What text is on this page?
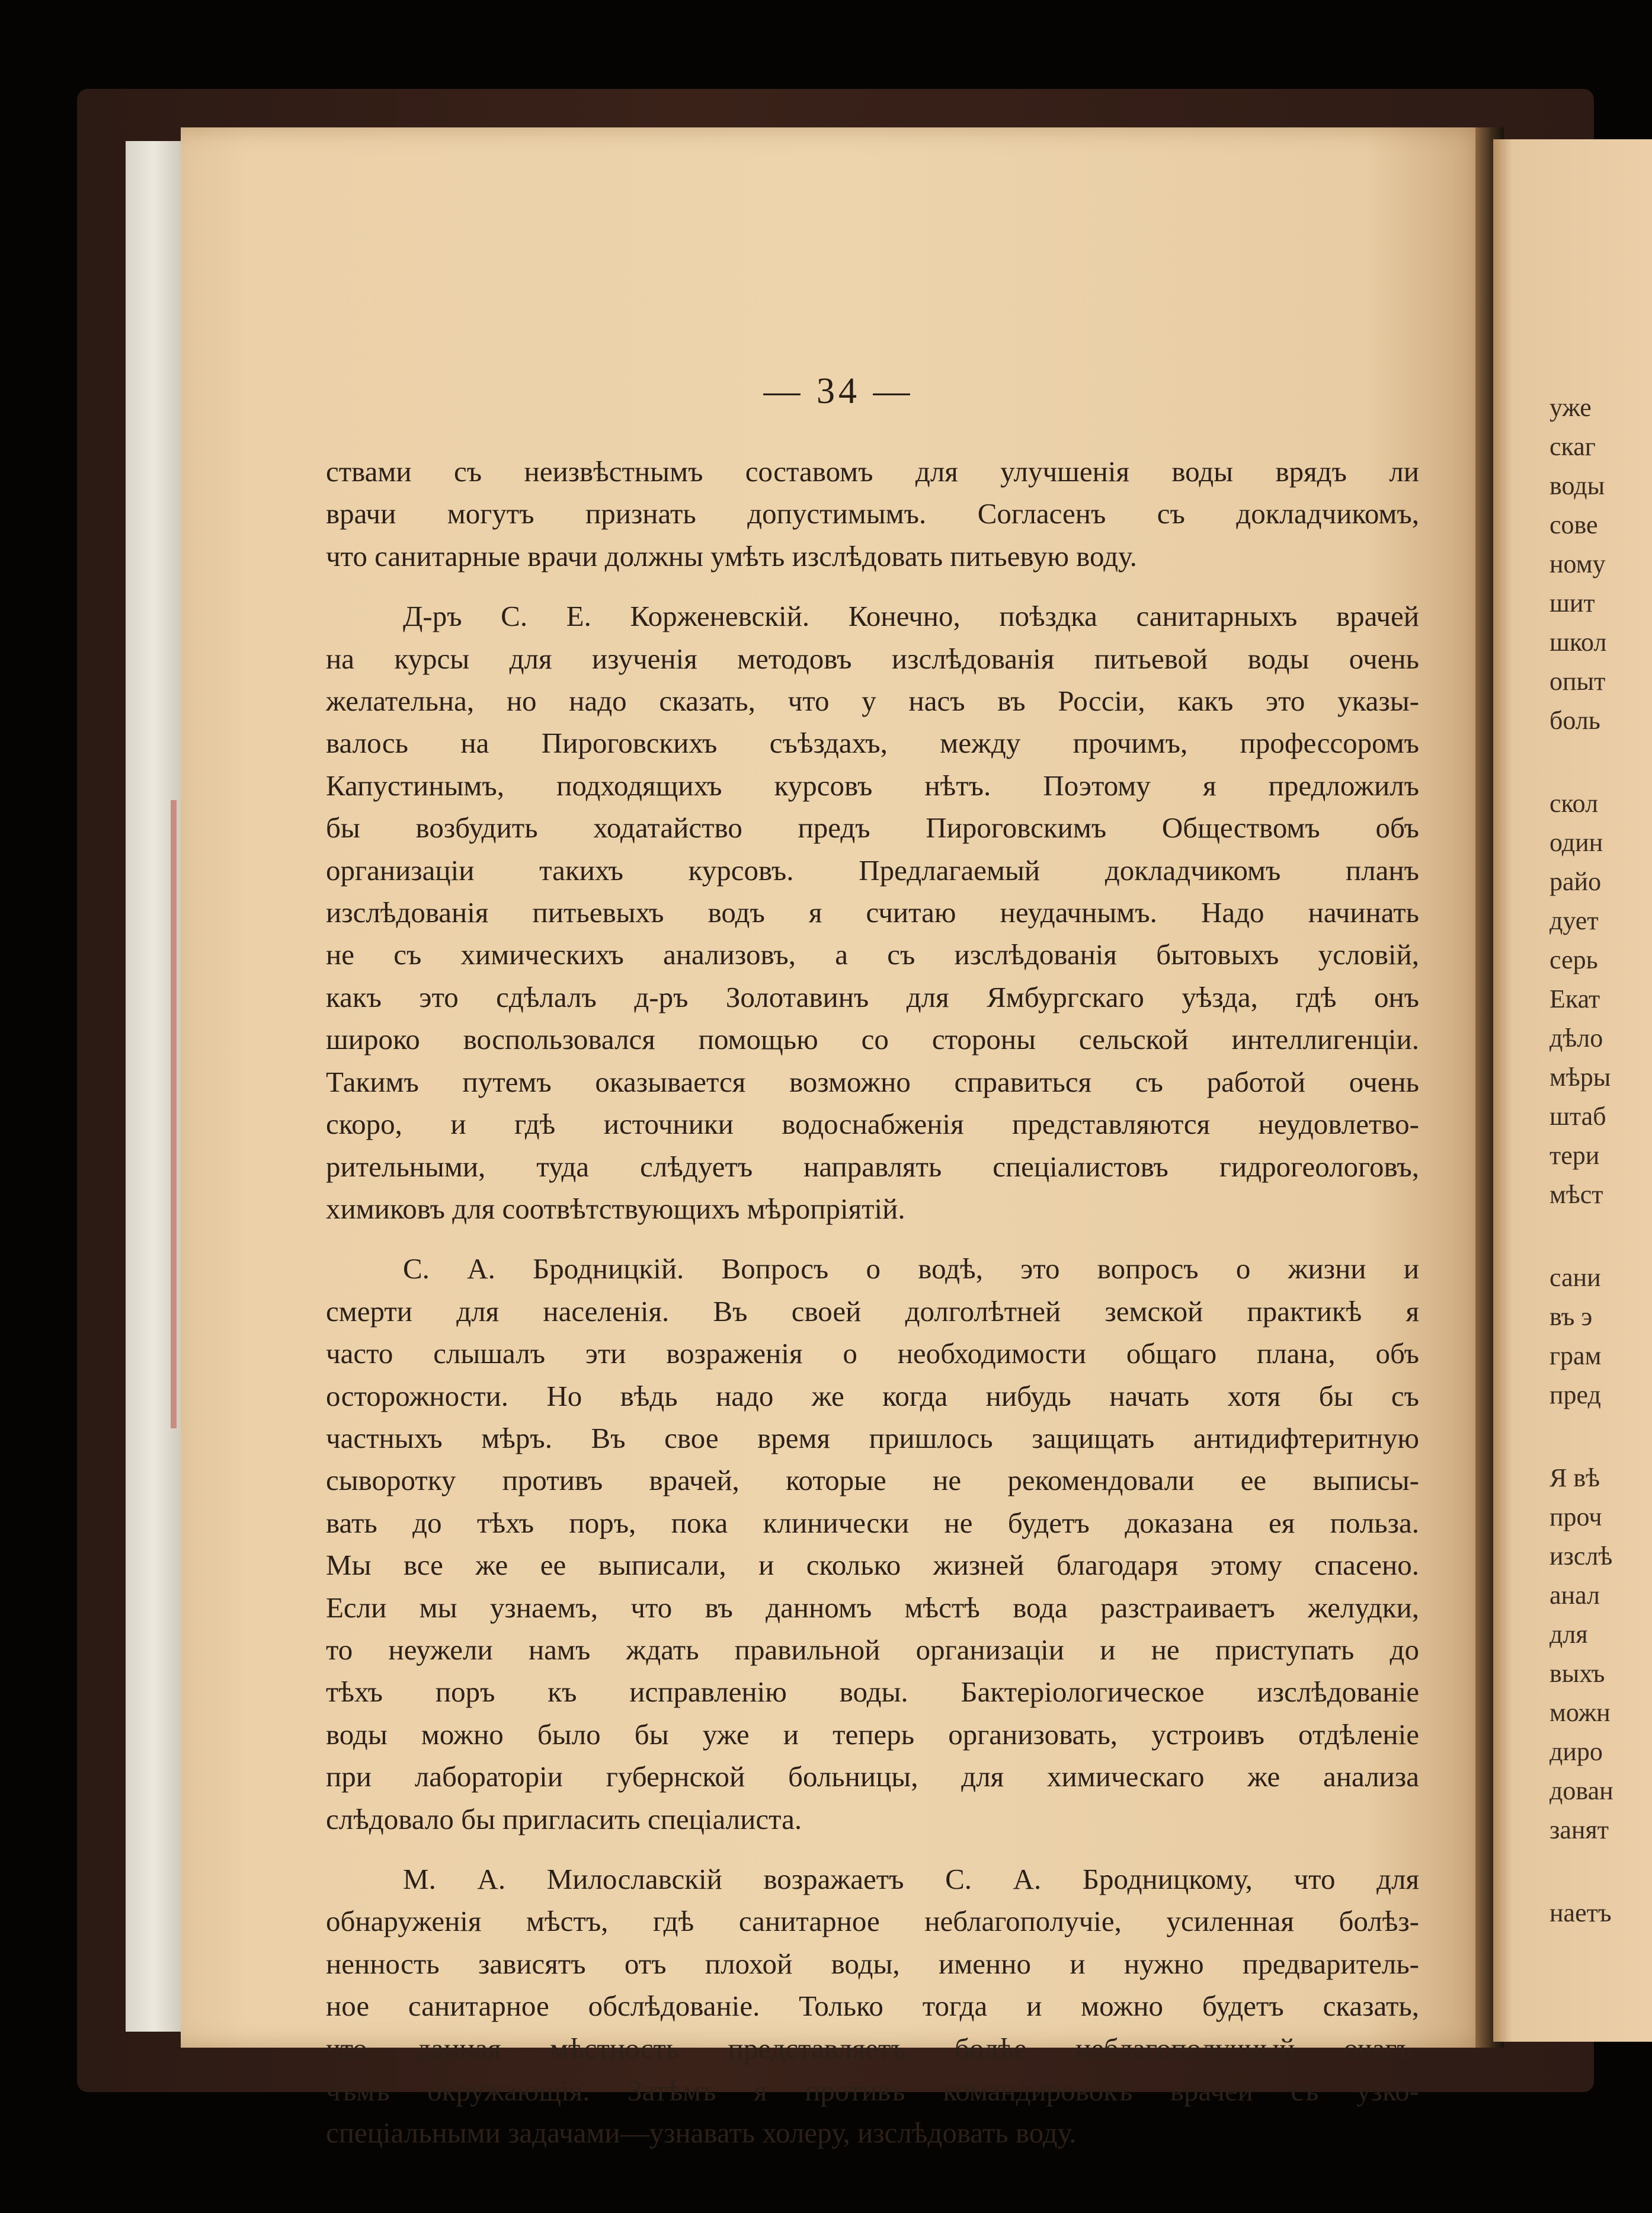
— 34 —
ствами съ неизвѣстнымъ составомъ для улучшенія воды врядъ ли
врачи могутъ признать допустимымъ. Согласенъ съ докладчикомъ,
что санитарные врачи должны умѣть изслѣдовать питьевую воду.
Д-ръ С. Е. Корженевскій. Конечно, поѣздка санитарныхъ врачей
на курсы для изученія методовъ изслѣдованія питьевой воды очень
желательна, но надо сказать, что у насъ въ Россіи, какъ это указы-
валось на Пироговскихъ съѣздахъ, между прочимъ, профессоромъ
Капустинымъ, подходящихъ курсовъ нѣтъ. Поэтому я предложилъ
бы возбудить ходатайство предъ Пироговскимъ Обществомъ объ
организаціи такихъ курсовъ. Предлагаемый докладчикомъ планъ
изслѣдованія питьевыхъ водъ я считаю неудачнымъ. Надо начинать
не съ химическихъ анализовъ, а съ изслѣдованія бытовыхъ условій,
какъ это сдѣлалъ д-ръ Золотавинъ для Ямбургскаго уѣзда, гдѣ онъ
широко воспользовался помощью со стороны сельской интеллигенціи.
Такимъ путемъ оказывается возможно справиться съ работой очень
скоро, и гдѣ источники водоснабженія представляются неудовлетво-
рительными, туда слѣдуетъ направлять спеціалистовъ гидрогеологовъ,
химиковъ для соотвѣтствующихъ мѣропріятій.
С. А. Бродницкій. Вопросъ о водѣ, это вопросъ о жизни и
смерти для населенія. Въ своей долголѣтней земской практикѣ я
часто слышалъ эти возраженія о необходимости общаго плана, объ
осторожности. Но вѣдь надо же когда нибудь начать хотя бы съ
частныхъ мѣръ. Въ свое время пришлось защищать антидифтеритную
сыворотку противъ врачей, которые не рекомендовали ее выписы-
вать до тѣхъ поръ, пока клинически не будетъ доказана ея польза.
Мы все же ее выписали, и сколько жизней благодаря этому спасено.
Если мы узнаемъ, что въ данномъ мѣстѣ вода разстраиваетъ желудки,
то неужели намъ ждать правильной организаціи и не приступать до
тѣхъ поръ къ исправленію воды. Бактеріологическое изслѣдованіе
воды можно было бы уже и теперь организовать, устроивъ отдѣленіе
при лабораторіи губернской больницы, для химическаго же анализа
слѣдовало бы пригласить спеціалиста.
М. А. Милославскій возражаетъ С. А. Бродницкому, что для
обнаруженія мѣстъ, гдѣ санитарное неблагополучіе, усиленная болѣз-
ненность зависятъ отъ плохой воды, именно и нужно предваритель-
ное санитарное обслѣдованіе. Только тогда и можно будетъ сказать,
что данная мѣстность представляетъ болѣе неблагополучный очагъ,
чѣмъ окружающія. Затѣмъ я противъ командировокъ врачей съ узко-
спеціальными задачами—узнавать холеру, изслѣдовать воду.
уже
скаг
воды
сове
ному
шит
школ
опыт
боль
скол
один
райо
дует
серь
Екат
дѣло
мѣры
штаб
тери
мѣст
сани
въ э
грам
пред
Я вѣ
проч
изслѣ
анал
для
выхъ
можн
диро
дован
занят
наетъ
